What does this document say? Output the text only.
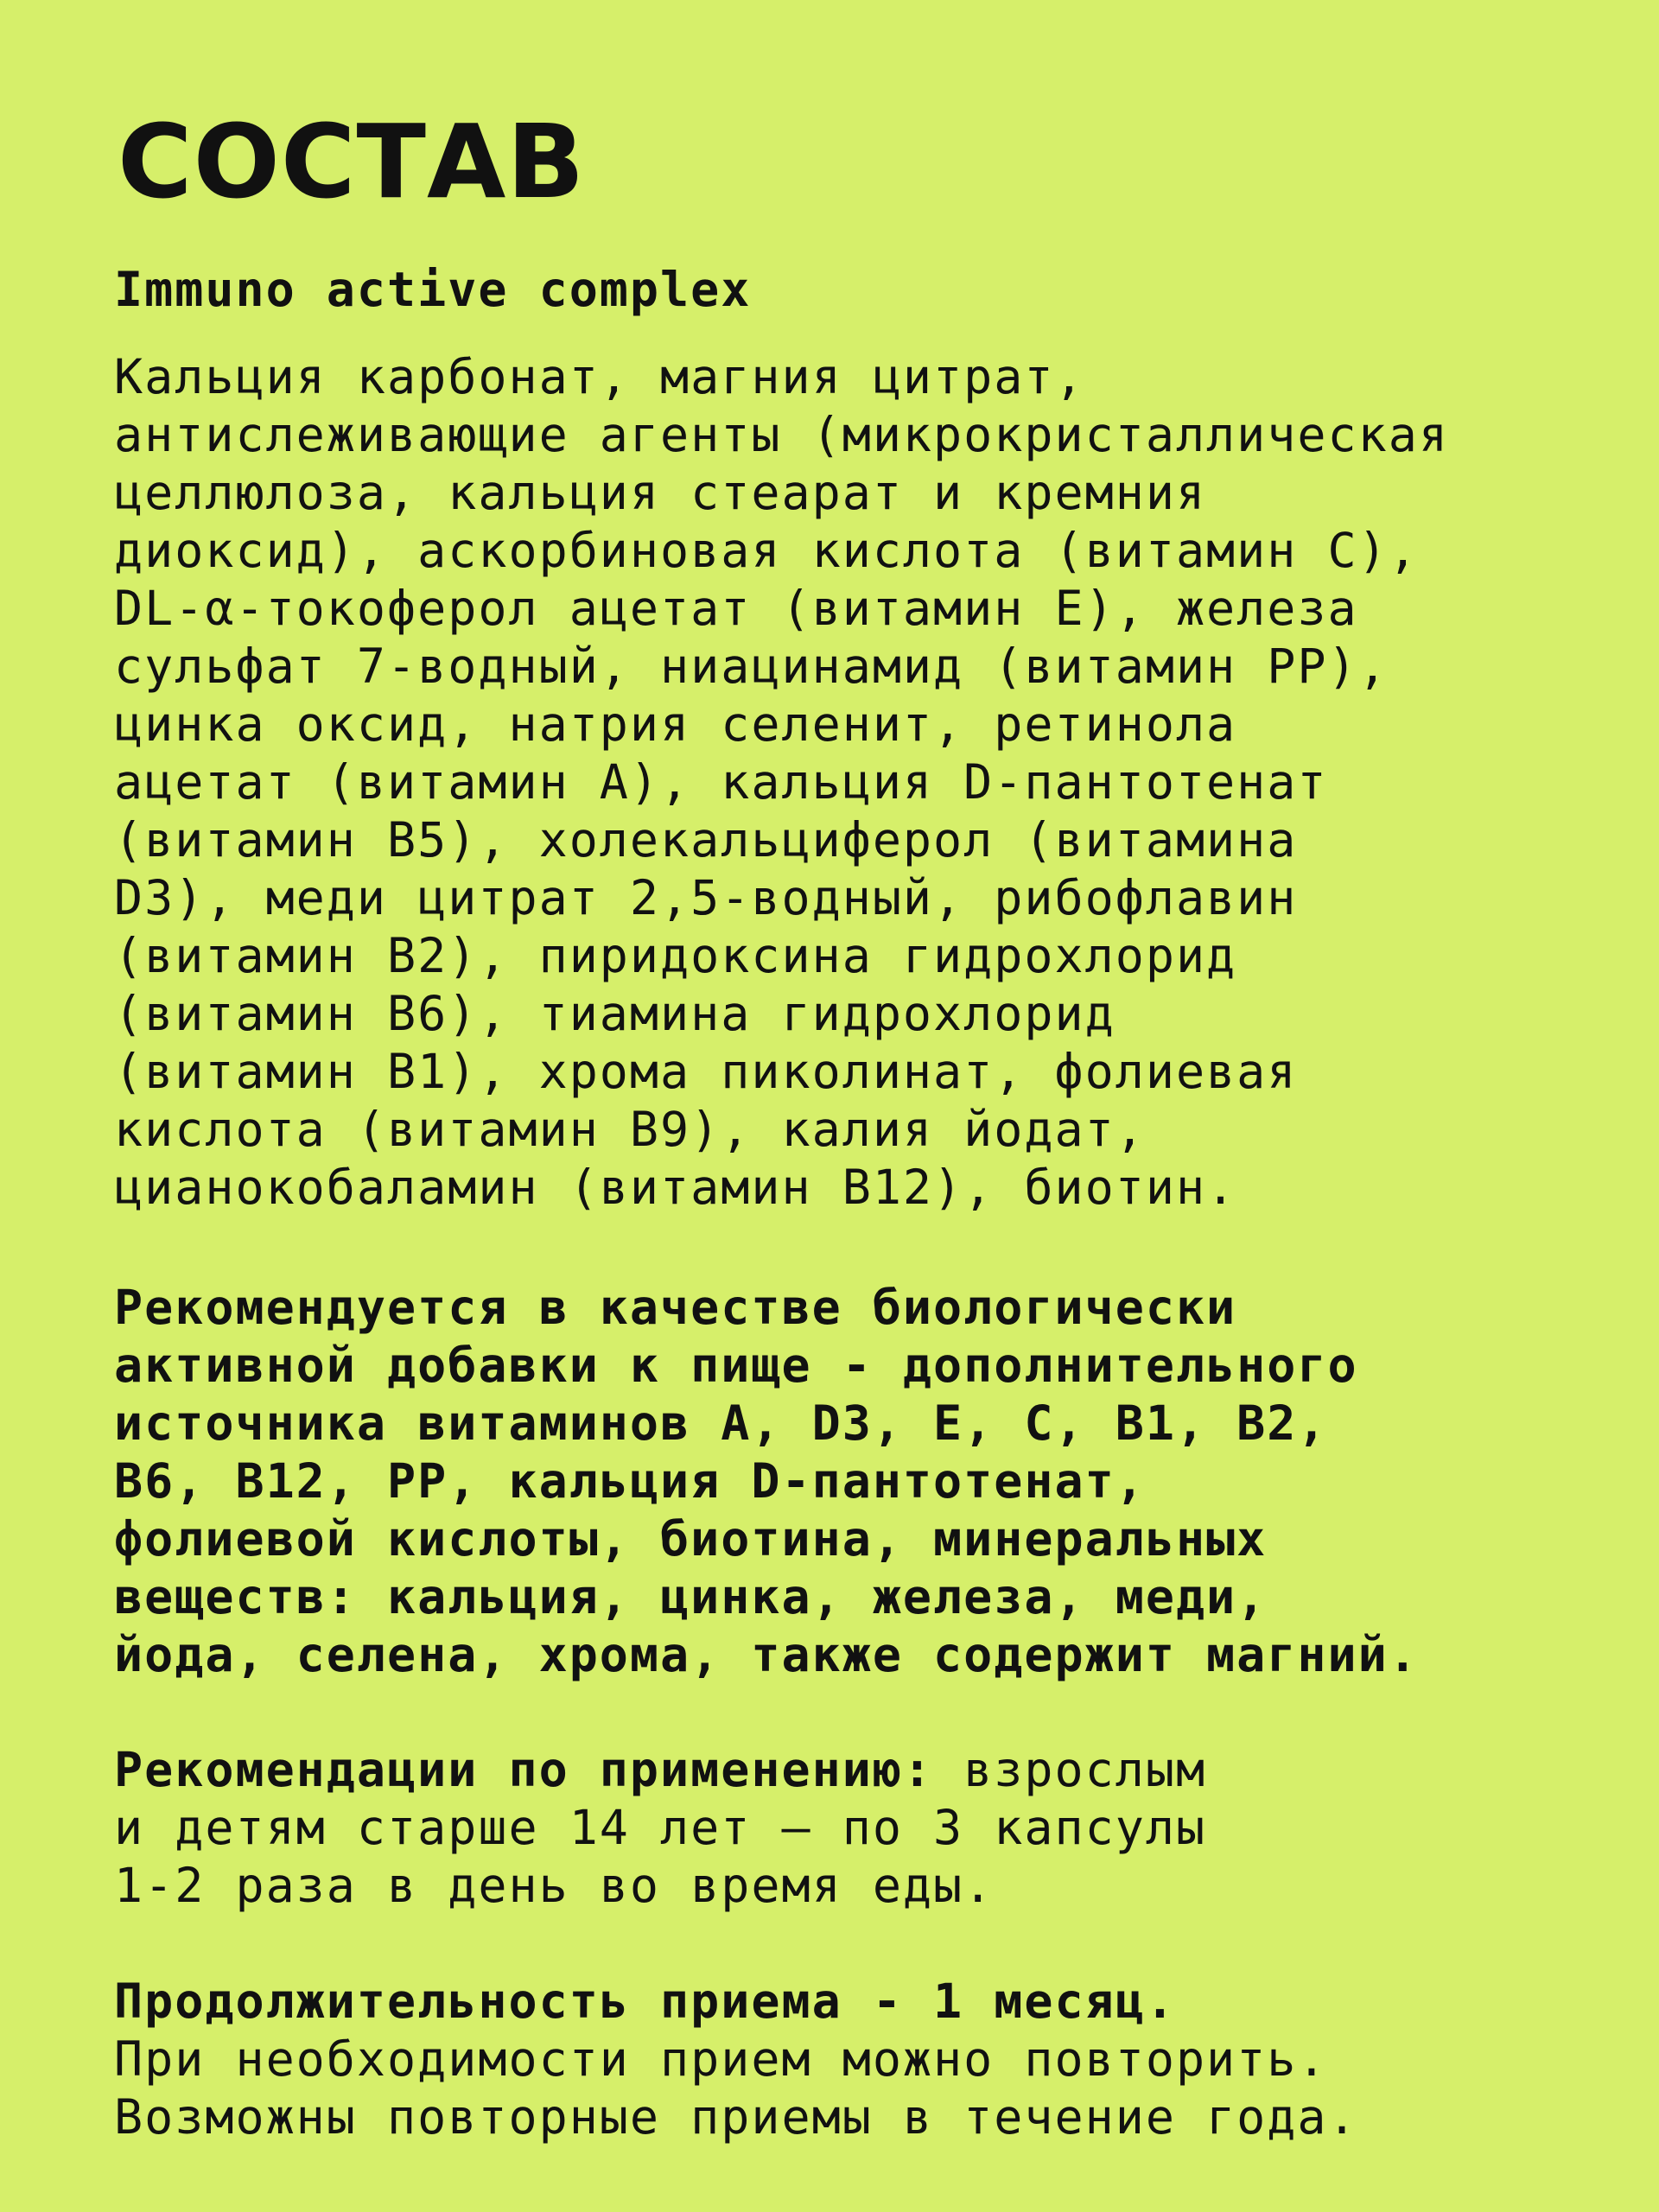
СОСТАВ

Immuno active complex

Кальция карбонат, магния цитрат,
антислеживающие агенты (микрокристаллическая
целлюлоза, кальция стеарат и кремния
диоксид), аскорбиновая кислота (витамин С),
DL-α-токоферол ацетат (витамин Е), железа
сульфат 7-водный, ниацинамид (витамин РР),
цинка оксид, натрия селенит, ретинола
ацетат (витамин А), кальция D-пантотенат
(витамин В5), холекальциферол (витамина
D3), меди цитрат 2,5-водный, рибофлавин
(витамин В2), пиридоксина гидрохлорид
(витамин В6), тиамина гидрохлорид
(витамин В1), хрома пиколинат, фолиевая
кислота (витамин В9), калия йодат,
цианокобаламин (витамин В12), биотин.

Рекомендуется в качестве биологически
активной добавки к пище - дополнительного
источника витаминов А, D3, Е, С, В1, В2,
В6, В12, РР, кальция D-пантотенат,
фолиевой кислоты, биотина, минеральных
веществ: кальция, цинка, железа, меди,
йода, селена, хрома, также содержит магний.

Рекомендации по применению: взрослым
и детям старше 14 лет — по 3 капсулы
1-2 раза в день во время еды.

Продолжительность приема - 1 месяц.
При необходимости прием можно повторить.
Возможны повторные приемы в течение года.
